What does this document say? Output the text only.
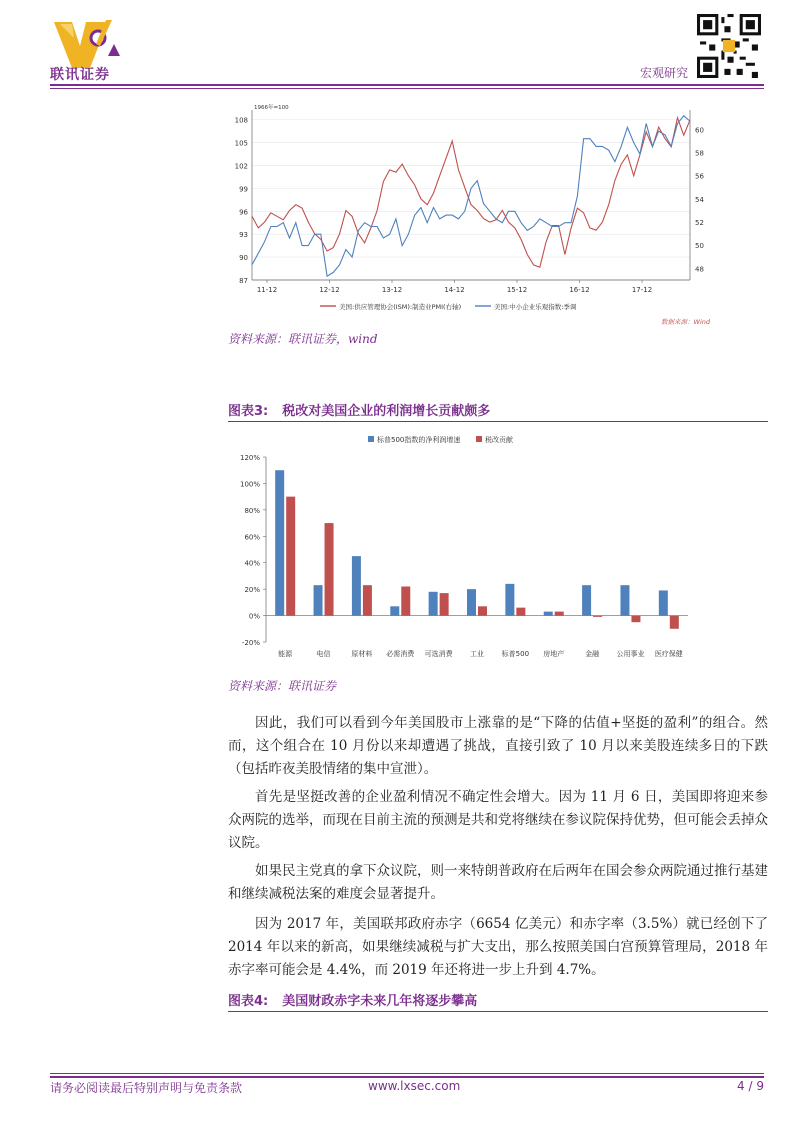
联讯证券	宏观研究
1966年=100
87
90
93
96
99
102
105
108
48
50
52
54
56
58
60
11-12	12-12	13-12	14-12	15-12	16-12	17-12
美国:供应管理协会(ISM):制造业PMI(右轴)	美国:中小企业乐观指数:季调
数据来源：Wind
资料来源：联讯证券，wind
图表3: 税改对美国企业的利润增长贡献颇多
标普500指数的净利润增速	税改贡献
120%
100%
80%
60%
40%
20%
0%
-20%
能源	电信	原材料 必需消费 可选消费 工业	标普500 房地产	金融 公用事业 医疗保健
资料来源：联讯证券
因此，我们可以看到今年美国股市上涨靠的是“下降的估值+坚挺的盈利”的组合。然而，这个组合在 10 月份以来却遭遇了挑战，直接引致了 10 月以来美股连续多日的下跌（包括昨夜美股情绪的集中宣泄）。
首先是坚挺改善的企业盈利情况不确定性会增大。因为 11 月 6 日，美国即将迎来参众两院的选举，而现在目前主流的预测是共和党将继续在参议院保持优势，但可能会丢掉众议院。
如果民主党真的拿下众议院，则一来特朗普政府在后两年在国会参众两院通过推行基建和继续减税法案的难度会显著提升。
因为 2017 年，美国联邦政府赤字（6654 亿美元）和赤字率（3.5%）就已经创下了 2014 年以来的新高，如果继续减税与扩大支出，那么按照美国白宫预算管理局，2018 年赤字率可能会是 4.4%，而 2019 年还将进一步上升到 4.7%。
图表4: 美国财政赤字未来几年将逐步攀高
请务必阅读最后特别声明与免责条款	www.lxsec.com	4 / 9
